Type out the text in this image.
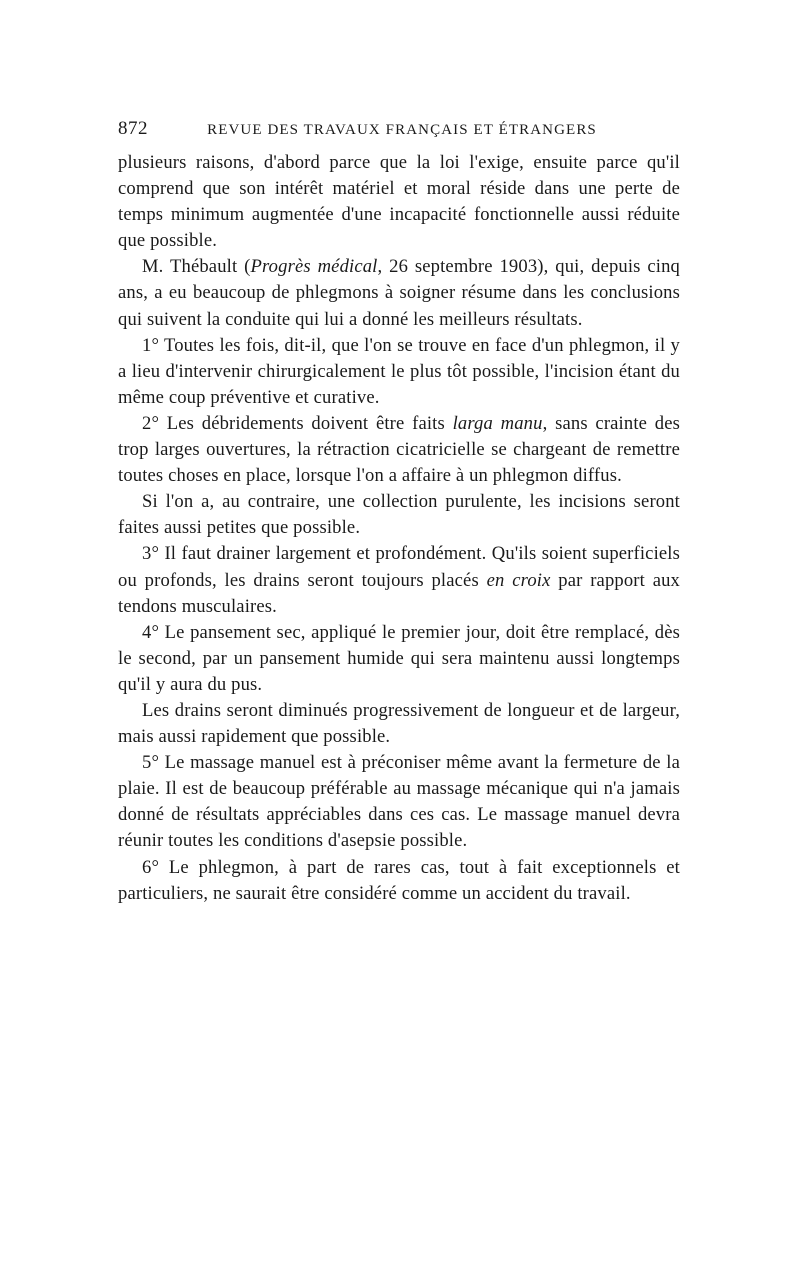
872	REVUE DES TRAVAUX FRANÇAIS ET ÉTRANGERS

plusieurs raisons, d'abord parce que la loi l'exige, ensuite parce qu'il comprend que son intérêt matériel et moral réside dans une perte de temps minimum augmentée d'une incapacité fonctionnelle aussi réduite que possible.

M. Thébault (Progrès médical, 26 septembre 1903), qui, depuis cinq ans, a eu beaucoup de phlegmons à soigner résume dans les conclusions qui suivent la conduite qui lui a donné les meilleurs résultats.

1° Toutes les fois, dit-il, que l'on se trouve en face d'un phlegmon, il y a lieu d'intervenir chirurgicalement le plus tôt possible, l'incision étant du même coup préventive et curative.

2° Les débridements doivent être faits larga manu, sans crainte des trop larges ouvertures, la rétraction cicatricielle se chargeant de remettre toutes choses en place, lorsque l'on a affaire à un phlegmon diffus.

Si l'on a, au contraire, une collection purulente, les incisions seront faites aussi petites que possible.

3° Il faut drainer largement et profondément. Qu'ils soient superficiels ou profonds, les drains seront toujours placés en croix par rapport aux tendons musculaires.

4° Le pansement sec, appliqué le premier jour, doit être remplacé, dès le second, par un pansement humide qui sera maintenu aussi longtemps qu'il y aura du pus.

Les drains seront diminués progressivement de longueur et de largeur, mais aussi rapidement que possible.

5° Le massage manuel est à préconiser même avant la fermeture de la plaie. Il est de beaucoup préférable au massage mécanique qui n'a jamais donné de résultats appréciables dans ces cas. Le massage manuel devra réunir toutes les conditions d'asepsie possible.

6° Le phlegmon, à part de rares cas, tout à fait exceptionnels et particuliers, ne saurait être considéré comme un accident du travail.
